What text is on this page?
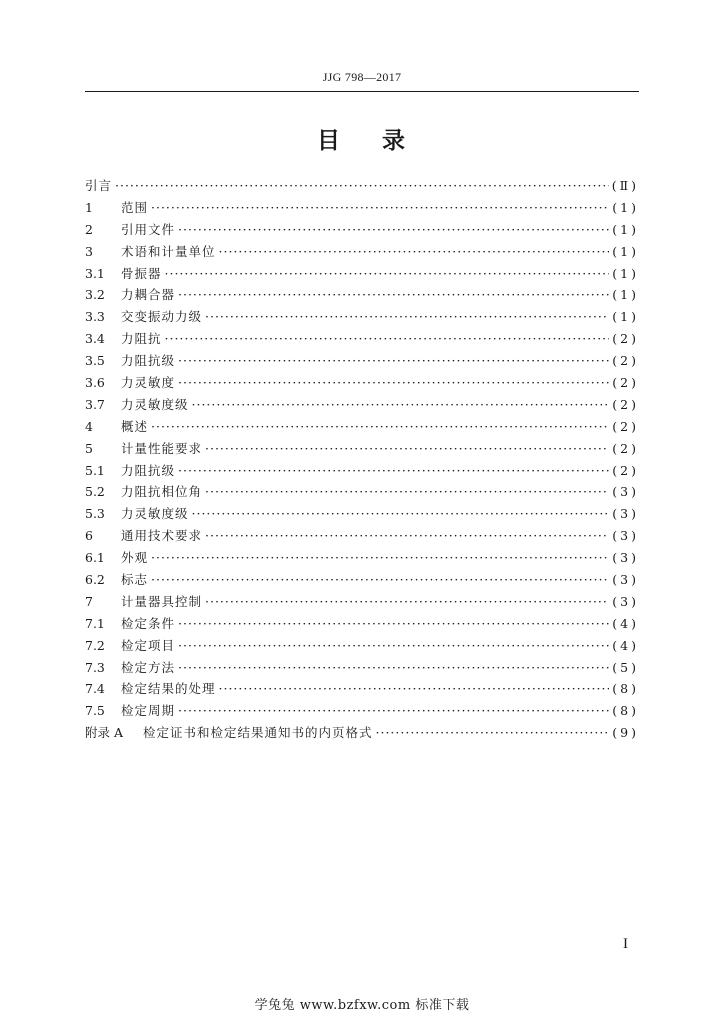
JJG 798—2017
目 录
引言 ·····	(Ⅱ)
1	范围 ·····	(1)
2	引用文件 ·····	(1)
3	术语和计量单位 ·····	(1)
3.1	骨振器 ·····	(1)
3.2	力耦合器 ·····	(1)
3.3	交变振动力级 ·····	(1)
3.4	力阻抗 ·····	(2)
3.5	力阻抗级 ·····	(2)
3.6	力灵敏度 ·····	(2)
3.7	力灵敏度级 ·····	(2)
4	概述 ·····	(2)
5	计量性能要求 ·····	(2)
5.1	力阻抗级 ·····	(2)
5.2	力阻抗相位角 ·····	(3)
5.3	力灵敏度级 ·····	(3)
6	通用技术要求 ·····	(3)
6.1	外观 ·····	(3)
6.2	标志 ·····	(3)
7	计量器具控制 ·····	(3)
7.1	检定条件 ·····	(4)
7.2	检定项目 ·····	(4)
7.3	检定方法 ·····	(5)
7.4	检定结果的处理 ·····	(8)
7.5	检定周期 ·····	(8)
附录 A	检定证书和检定结果通知书的内页格式 ·····	(9)
I
学兔兔 www.bzfxw.com 标准下载
